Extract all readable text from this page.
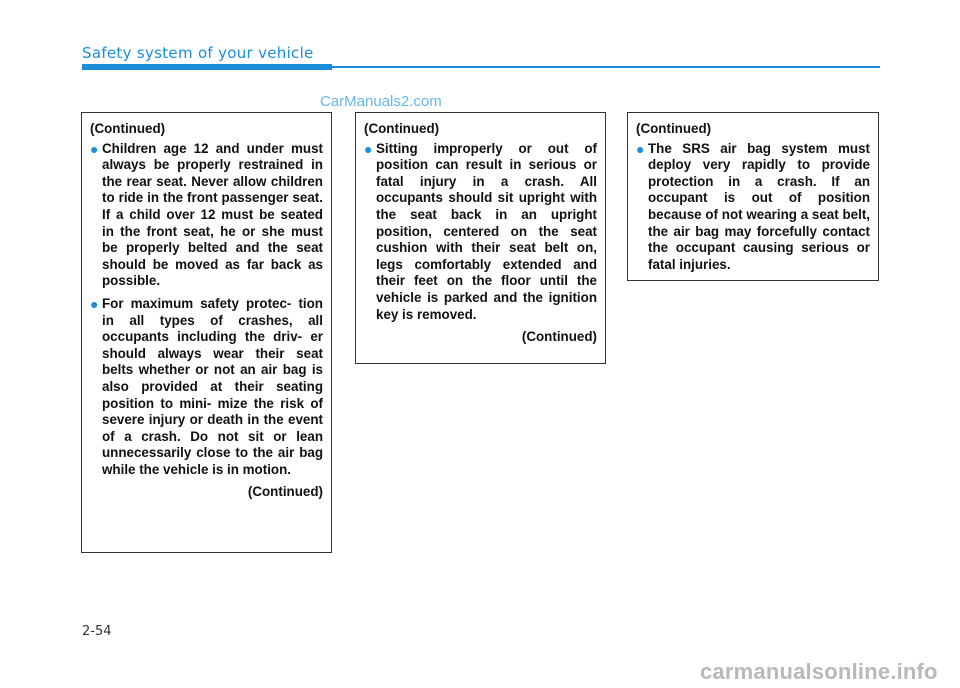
Safety system of your vehicle
CarManuals2.com
(Continued)
● Children age 12 and under must always be properly restrained in the rear seat. Never allow children to ride in the front passenger seat. If a child over 12 must be seated in the front seat, he or she must be properly belted and the seat should be moved as far back as possible.
● For maximum safety protec- tion in all types of crashes, all occupants including the driv- er should always wear their seat belts whether or not an air bag is also provided at their seating position to mini- mize the risk of severe injury or death in the event of a crash. Do not sit or lean unnecessarily close to the air bag while the vehicle is in motion.
(Continued)
(Continued)
● Sitting improperly or out of position can result in serious or fatal injury in a crash. All occupants should sit upright with the seat back in an upright position, centered on the seat cushion with their seat belt on, legs comfortably extended and their feet on the floor until the vehicle is parked and the ignition key is removed.
(Continued)
(Continued)
● The SRS air bag system must deploy very rapidly to provide protection in a crash. If an occupant is out of position because of not wearing a seat belt, the air bag may forcefully contact the occupant causing serious or fatal injuries.
2-54
carmanualsonline.info
